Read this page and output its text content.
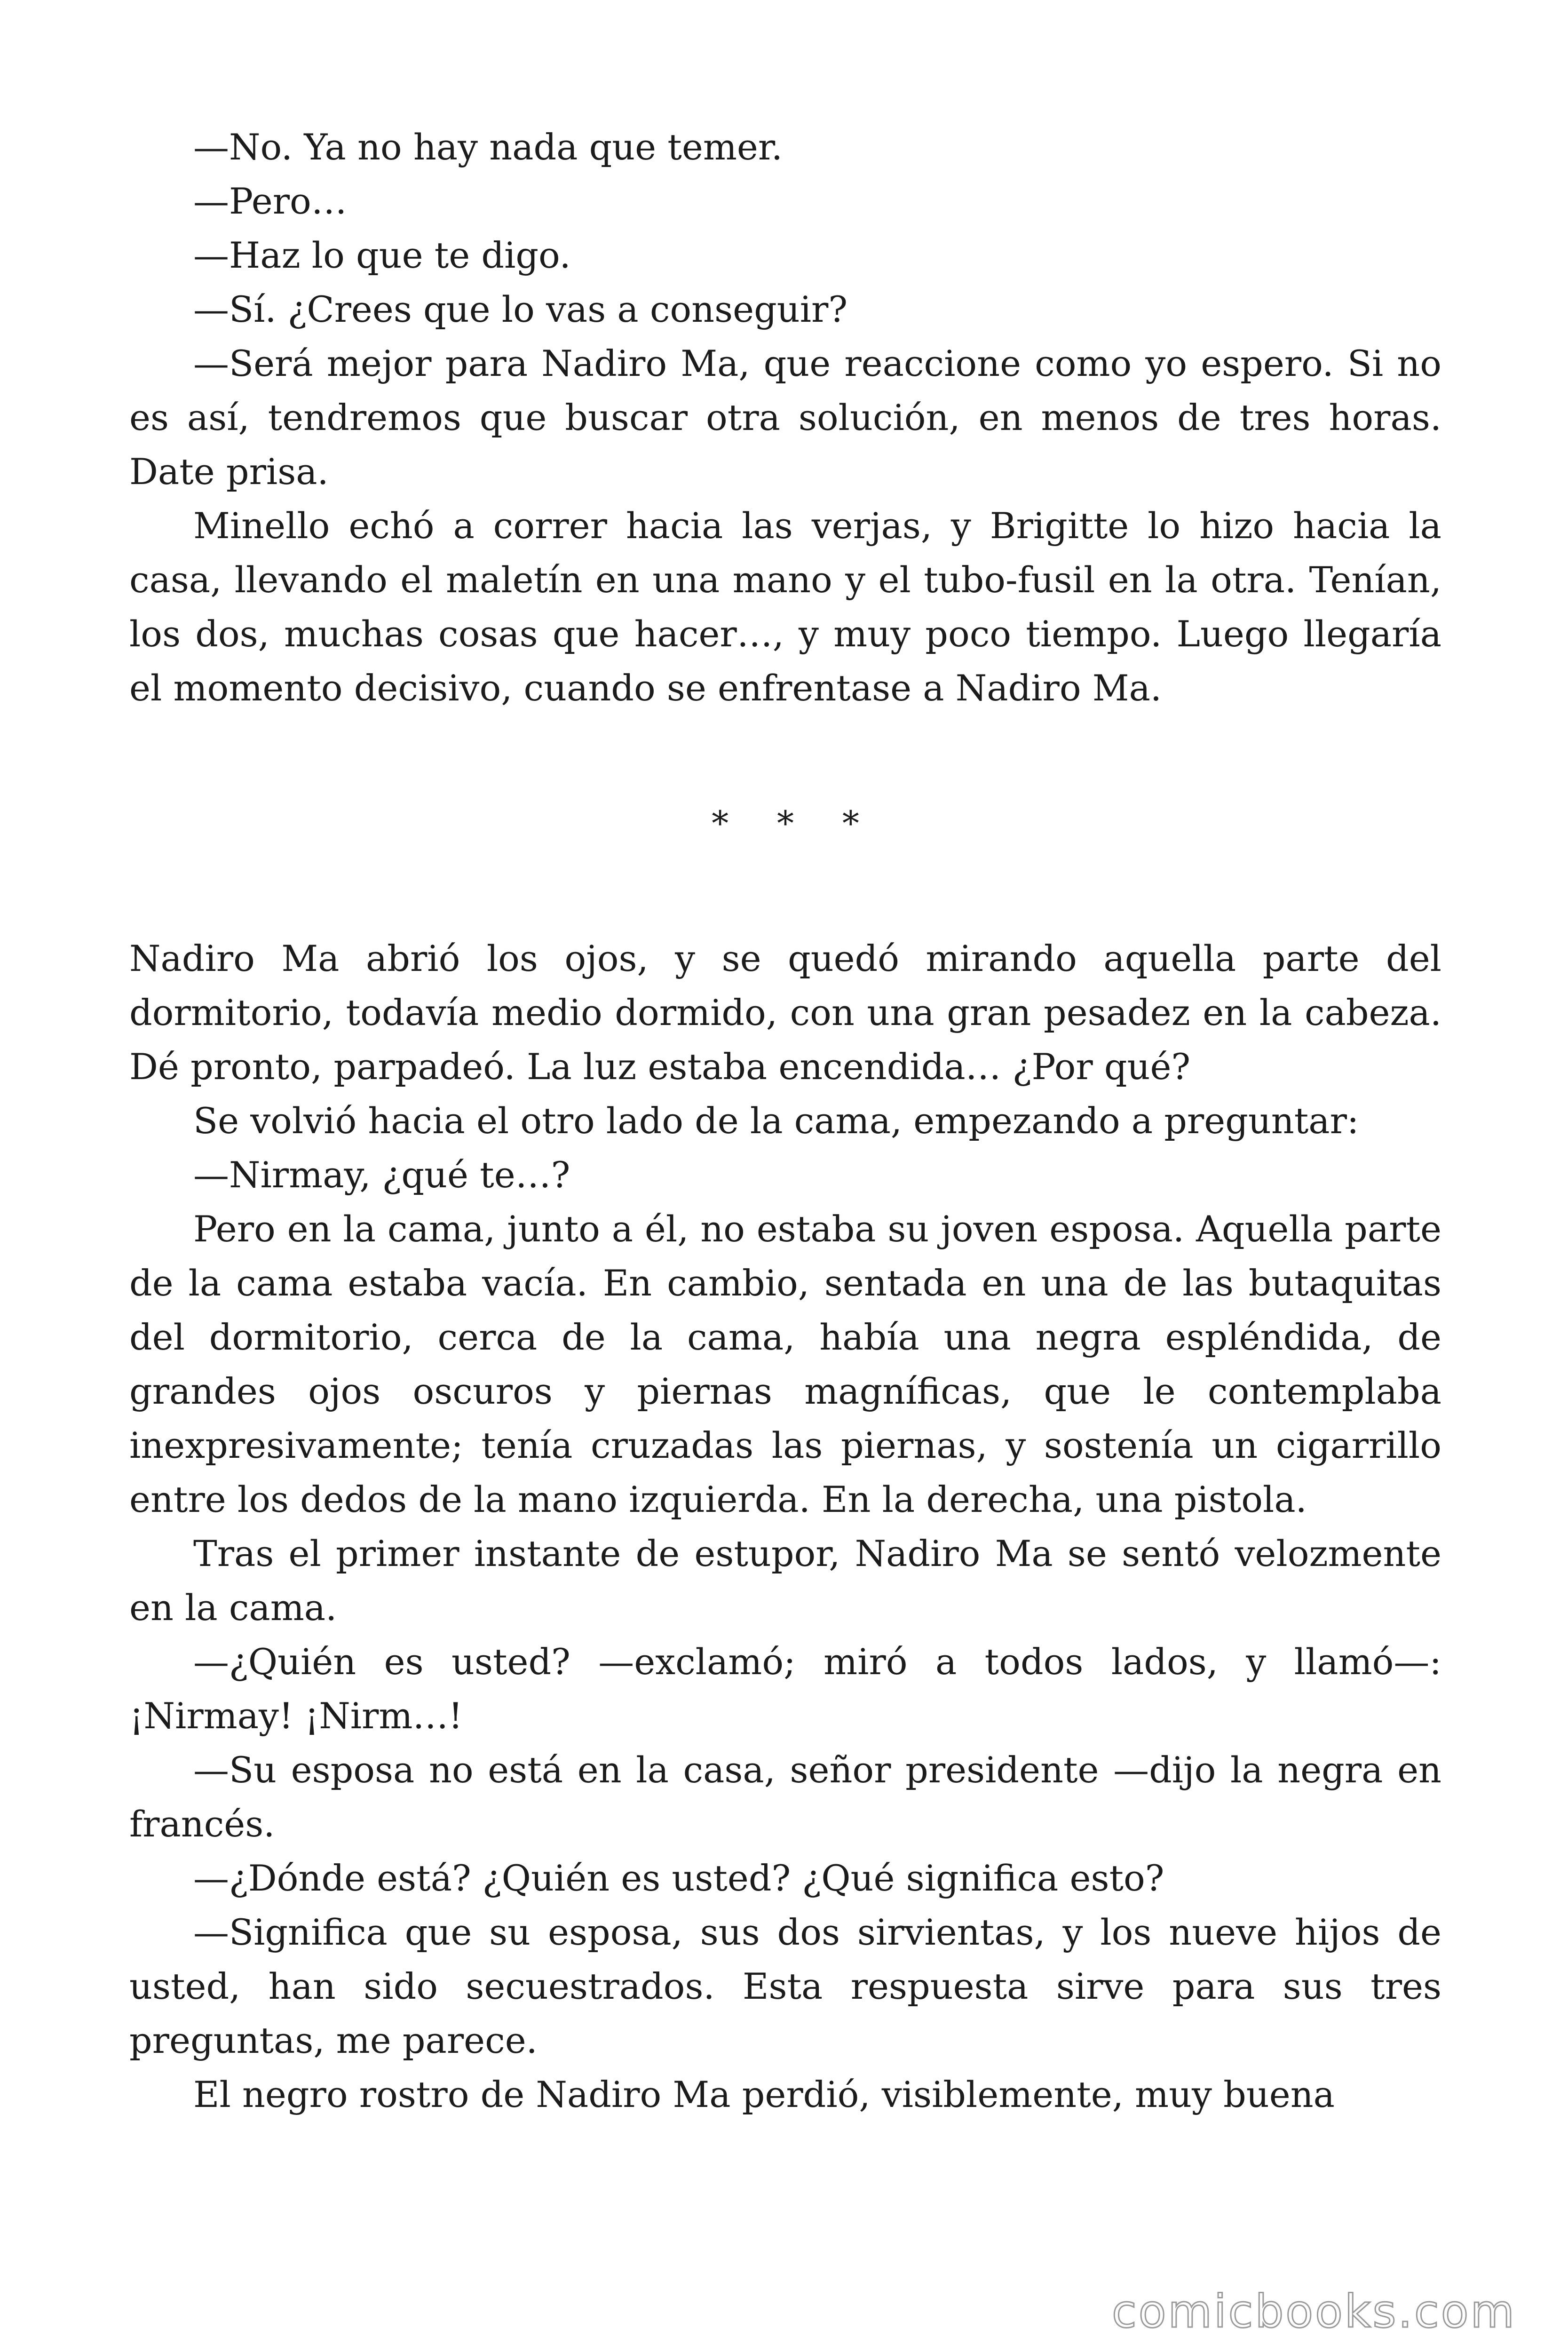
—No. Ya no hay nada que temer.

—Pero…

—Haz lo que te digo.

—Sí. ¿Crees que lo vas a conseguir?

—Será mejor para Nadiro Ma, que reaccione como yo espero. Si no es así, tendremos que buscar otra solución, en menos de tres horas. Date prisa.

Minello echó a correr hacia las verjas, y Brigitte lo hizo hacia la casa, llevando el maletín en una mano y el tubo-fusil en la otra. Tenían, los dos, muchas cosas que hacer…, y muy poco tiempo. Luego llegaría el momento decisivo, cuando se enfrentase a Nadiro Ma.

* * *

Nadiro Ma abrió los ojos, y se quedó mirando aquella parte del dormitorio, todavía medio dormido, con una gran pesadez en la cabeza. Dé pronto, parpadeó. La luz estaba encendida… ¿Por qué?

Se volvió hacia el otro lado de la cama, empezando a preguntar:

—Nirmay, ¿qué te…?

Pero en la cama, junto a él, no estaba su joven esposa. Aquella parte de la cama estaba vacía. En cambio, sentada en una de las butaquitas del dormitorio, cerca de la cama, había una negra espléndida, de grandes ojos oscuros y piernas magníficas, que le contemplaba inexpresivamente; tenía cruzadas las piernas, y sostenía un cigarrillo entre los dedos de la mano izquierda. En la derecha, una pistola.

Tras el primer instante de estupor, Nadiro Ma se sentó velozmente en la cama.

—¿Quién es usted? —exclamó; miró a todos lados, y llamó—: ¡Nirmay! ¡Nirm…!

—Su esposa no está en la casa, señor presidente —dijo la negra en francés.

—¿Dónde está? ¿Quién es usted? ¿Qué significa esto?

—Significa que su esposa, sus dos sirvientas, y los nueve hijos de usted, han sido secuestrados. Esta respuesta sirve para sus tres preguntas, me parece.

El negro rostro de Nadiro Ma perdió, visiblemente, muy buena

comicbooks.com
